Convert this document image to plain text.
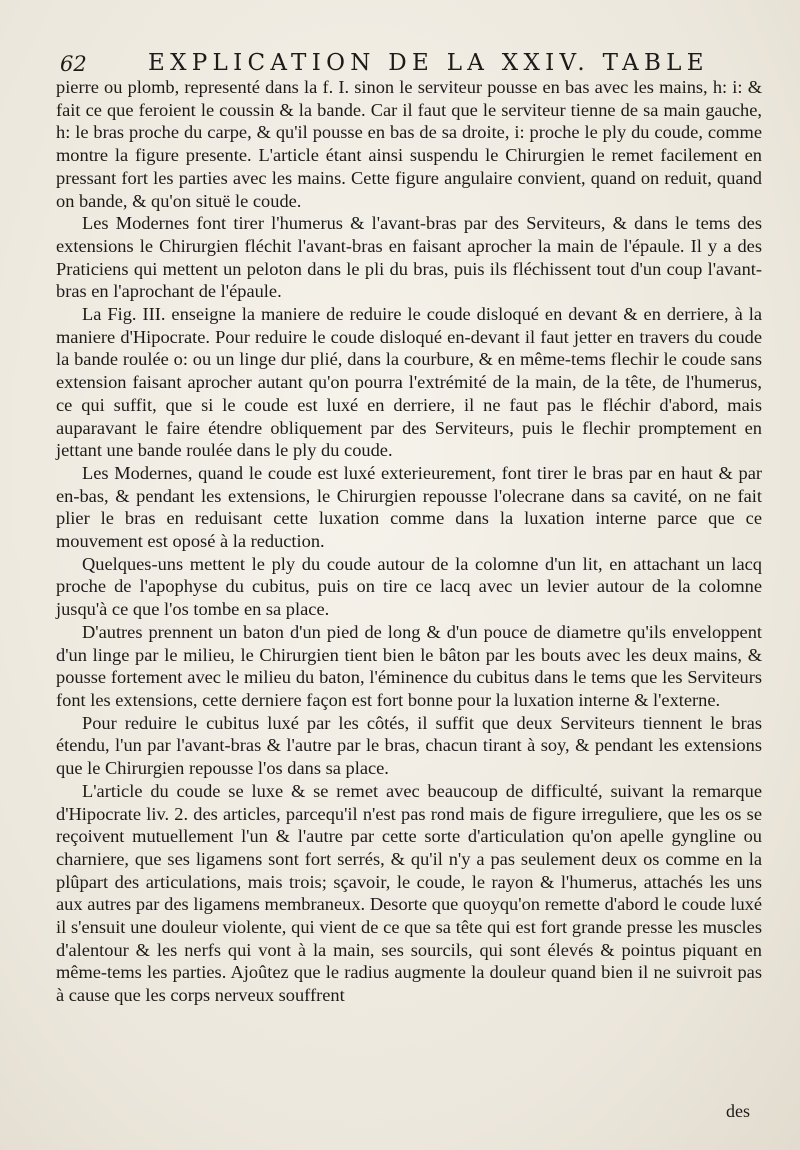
62	EXPLICATION DE LA XXIV. TABLE

pierre ou plomb, representé dans la f. I. sinon le serviteur pousse en bas avec les mains, h: i: & fait ce que feroient le coussin & la bande. Car il faut que le serviteur tienne de sa main gauche, h: le bras proche du carpe, & qu'il pousse en bas de sa droite, i: proche le ply du coude, comme montre la figure presente. L'article étant ainsi suspendu le Chirurgien le remet facilement en pressant fort les parties avec les mains. Cette figure angulaire convient, quand on reduit, quand on bande, & qu'on situë le coude.

Les Modernes font tirer l'humerus & l'avant-bras par des Serviteurs, & dans le tems des extensions le Chirurgien fléchit l'avant-bras en faisant aprocher la main de l'épaule. Il y a des Praticiens qui mettent un peloton dans le pli du bras, puis ils fléchissent tout d'un coup l'avant-bras en l'aprochant de l'épaule.

La Fig. III. enseigne la maniere de reduire le coude disloqué en devant & en derriere, à la maniere d'Hipocrate. Pour reduire le coude disloqué en-devant il faut jetter en travers du coude la bande roulée o: ou un linge dur plié, dans la courbure, & en même-tems flechir le coude sans extension faisant aprocher autant qu'on pourra l'extrémité de la main, de la tête, de l'humerus, ce qui suffit, que si le coude est luxé en derriere, il ne faut pas le fléchir d'abord, mais auparavant le faire étendre obliquement par des Serviteurs, puis le flechir promptement en jettant une bande roulée dans le ply du coude.

Les Modernes, quand le coude est luxé exterieurement, font tirer le bras par en haut & par en-bas, & pendant les extensions, le Chirurgien repousse l'olecrane dans sa cavité, on ne fait plier le bras en reduisant cette luxation comme dans la luxation interne parce que ce mouvement est oposé à la reduction.

Quelques-uns mettent le ply du coude autour de la colomne d'un lit, en attachant un lacq proche de l'apophyse du cubitus, puis on tire ce lacq avec un levier autour de la colomne jusqu'à ce que l'os tombe en sa place.

D'autres prennent un baton d'un pied de long & d'un pouce de diametre qu'ils enveloppent d'un linge par le milieu, le Chirurgien tient bien le bâton par les bouts avec les deux mains, & pousse fortement avec le milieu du baton, l'éminence du cubitus dans le tems que les Serviteurs font les extensions, cette derniere façon est fort bonne pour la luxation interne & l'externe.

Pour reduire le cubitus luxé par les côtés, il suffit que deux Serviteurs tiennent le bras étendu, l'un par l'avant-bras & l'autre par le bras, chacun tirant à soy, & pendant les extensions que le Chirurgien repousse l'os dans sa place.

L'article du coude se luxe & se remet avec beaucoup de difficulté, suivant la remarque d'Hipocrate liv. 2. des articles, parcequ'il n'est pas rond mais de figure irreguliere, que les os se reçoivent mutuellement l'un & l'autre par cette sorte d'articulation qu'on apelle gyngline ou charniere, que ses ligamens sont fort serrés, & qu'il n'y a pas seulement deux os comme en la plûpart des articulations, mais trois; sçavoir, le coude, le rayon & l'humerus, attachés les uns aux autres par des ligamens membraneux. Desorte que quoyqu'on remette d'abord le coude luxé il s'ensuit une douleur violente, qui vient de ce que sa tête qui est fort grande presse les muscles d'alentour & les nerfs qui vont à la main, ses sourcils, qui sont élevés & pointus piquant en même-tems les parties. Ajoûtez que le radius augmente la douleur quand bien il ne suivroit pas à cause que les corps nerveux souffrent

des
